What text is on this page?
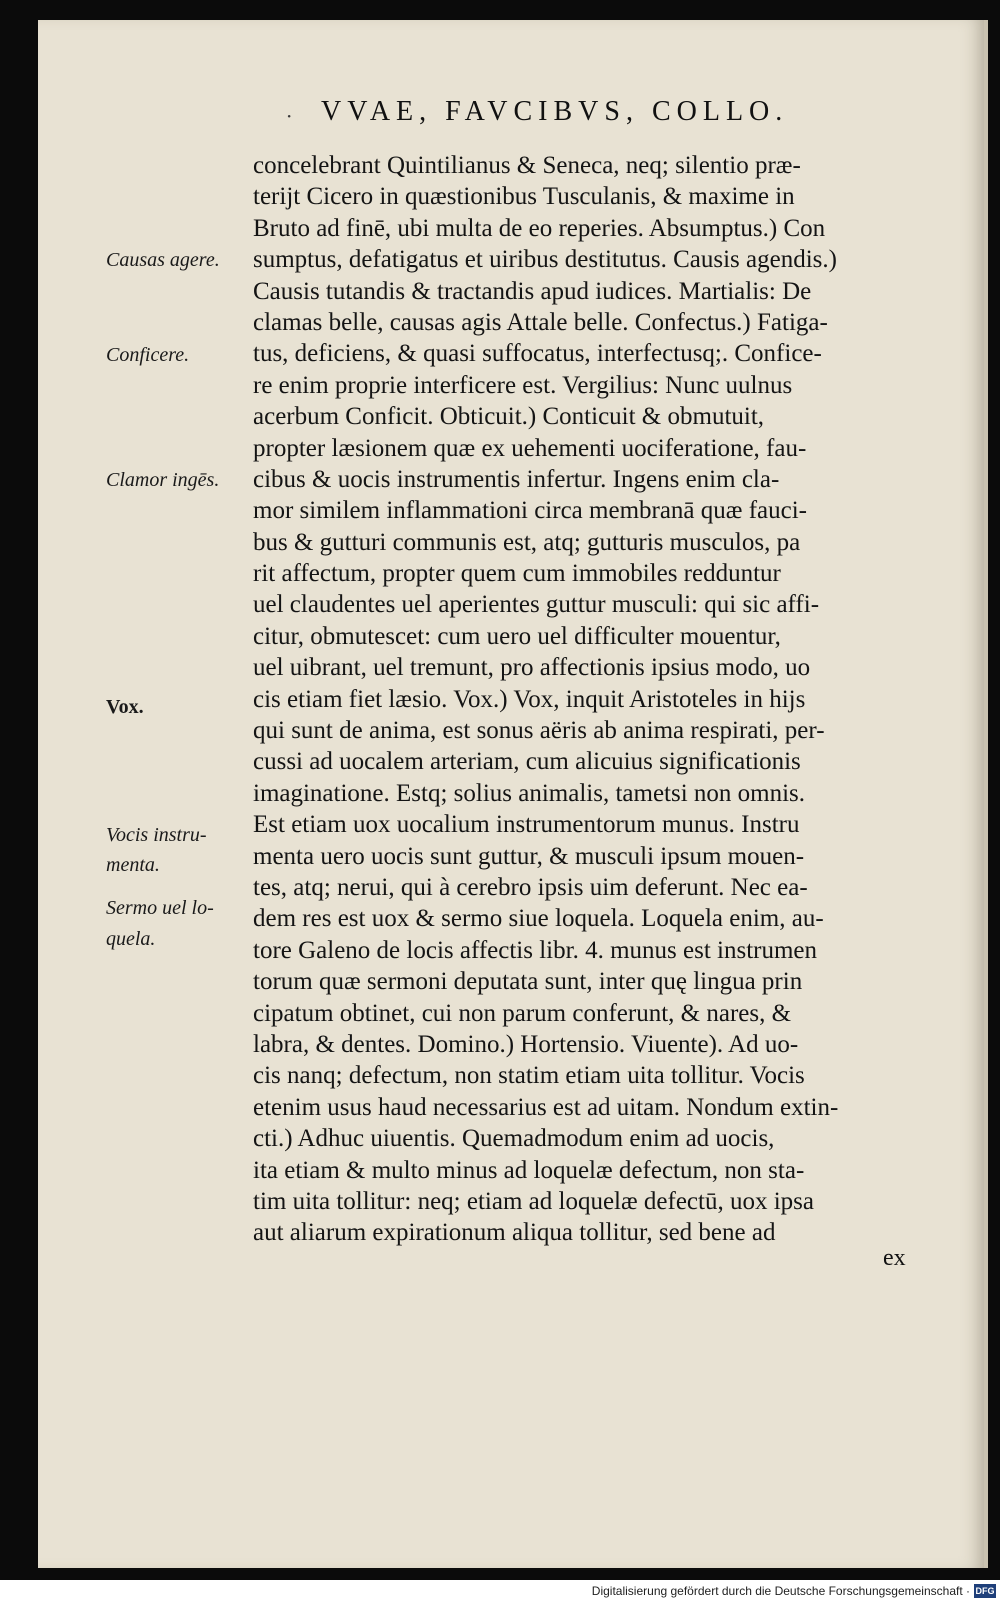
· VVAE, FAVCIBVS, COLLO.
concelebrant Quintilianus & Seneca, neq; silentio præ-
terijt Cicero in quæstionibus Tusculanis, & maxime in
Bruto ad finē, ubi multa de eo reperies. Absumptus.) Con
sumptus, defatigatus et uiribus destitutus. Causis agendis.)
Causis tutandis & tractandis apud iudices. Martialis: De
clamas belle, causas agis Attale belle. Confectus.) Fatiga-
tus, deficiens, & quasi suffocatus, interfectusq;. Confice-
re enim proprie interficere est. Vergilius: Nunc uulnus
acerbum Conficit. Obticuit.) Conticuit & obmutuit,
propter læsionem quæ ex uehementi uociferatione, fau-
cibus & uocis instrumentis infertur. Ingens enim cla-
mor similem inflammationi circa membranā quæ fauci-
bus & gutturi communis est, atq; gutturis musculos, pa
rit affectum, propter quem cum immobiles redduntur
uel claudentes uel aperientes guttur musculi: qui sic affi-
citur, obmutescet: cum uero uel difficulter mouentur,
uel uibrant, uel tremunt, pro affectionis ipsius modo, uo
cis etiam fiet læsio. Vox.) Vox, inquit Aristoteles in hijs
qui sunt de anima, est sonus aëris ab anima respirati, per-
cussi ad uocalem arteriam, cum alicuius significationis
imaginatione. Estq; solius animalis, tametsi non omnis.
Est etiam uox uocalium instrumentorum munus. Instru
menta uero uocis sunt guttur, & musculi ipsum mouen-
tes, atq; nerui, qui à cerebro ipsis uim deferunt. Nec ea-
dem res est uox & sermo siue loquela. Loquela enim, au-
tore Galeno de locis affectis libr. 4. munus est instrumen
torum quæ sermoni deputata sunt, inter quę lingua prin
cipatum obtinet, cui non parum conferunt, & nares, &
labra, & dentes. Domino.) Hortensio. Viuente). Ad uo-
cis nanq; defectum, non statim etiam uita tollitur. Vocis
etenim usus haud necessarius est ad uitam. Nondum extin-
cti.) Adhuc uiuentis. Quemadmodum enim ad uocis,
ita etiam & multo minus ad loquelæ defectum, non sta-
tim uita tollitur: neq; etiam ad loquelæ defectū, uox ipsa
aut aliarum expirationum aliqua tollitur, sed bene ad
Causas agere.
Conficere.
Clamor ingēs.
Vox.
Vocis instru-
menta.
Sermo uel lo-
quela.
ex
Digitalisierung gefördert durch die Deutsche Forschungsgemeinschaft · DFG
